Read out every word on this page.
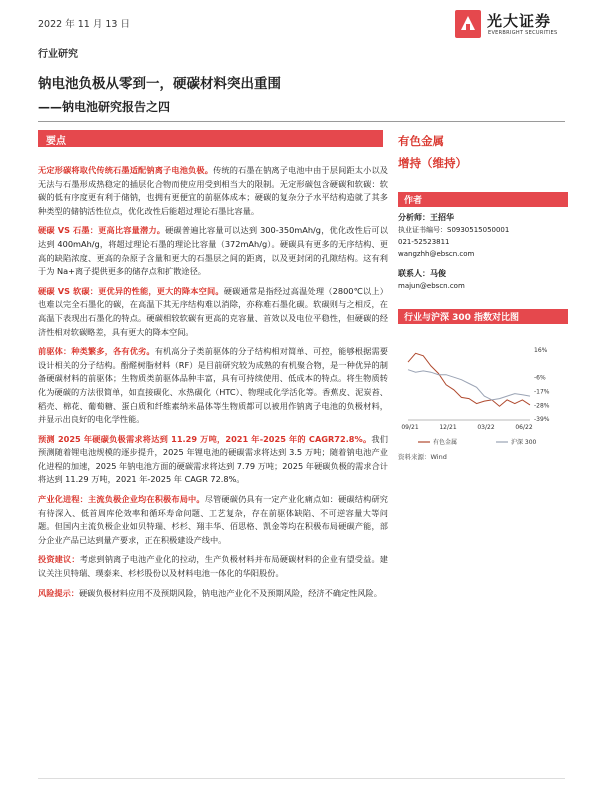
2022 年 11 月 13 日	光大证券
EVERBRIGHT SECURITIES
行业研究
钠电池负极从零到一，硬碳材料突出重围
——钠电池研究报告之四
要点

无定形碳将取代传统石墨适配钠离子电池负极。传统的石墨在钠离子电池中由于层间距太小以及无法与石墨形成热稳定的插层化合物而使应用受到相当大的限制。无定形碳包含硬碳和软碳：软碳的低有序度更有利于储钠，也拥有更便宜的前驱体成本；硬碳的复杂分子水平结构造就了其多种类型的储钠活性位点，优化改性后能超过理论石墨比容量。

硬碳 VS 石墨：更高比容量潜力。硬碳普遍比容量可以达到 300-350mAh/g，优化改性后可以达到 400mAh/g，将超过理论石墨的理论比容量（372mAh/g）。硬碳具有更多的无序结构、更高的缺陷浓度、更高的杂原子含量和更大的石墨层之间的距离，以及更封闭的孔隙结构。这有利于为 Na+离子提供更多的储存点和扩散途径。

硬碳 VS 软碳：更优异的性能，更大的降本空间。硬碳通常是指经过高温处理（2800℃以上）也难以完全石墨化的碳，在高温下其无序结构难以消除，亦称难石墨化碳。软碳则与之相反，在高温下表现出石墨化的特点。硬碳相较软碳有更高的克容量、首效以及电位平稳性，但硬碳的经济性相对软碳略差，具有更大的降本空间。

前驱体：种类繁多，各有优劣。有机高分子类前驱体的分子结构相对简单、可控，能够根据需要设计相关的分子结构。酚醛树脂材料（RF）是目前研究较为成熟的有机聚合物，是一种优异的制备硬碳材料的前驱体；生物质类前驱体品种丰富，具有可持续使用、低成本的特点。将生物质转化为硬碳的方法很简单，如直接碳化、水热碳化（HTC）、物理或化学活化等。香蕉皮、泥炭苔、稻壳、棉花、葡萄糖、蛋白质和纤维素纳米晶体等生物质都可以被用作钠离子电池的负极材料，并显示出良好的电化学性能。

预测 2025 年硬碳负极需求将达到 11.29 万吨，2021 年-2025 年的 CAGR72.8%。我们预测随着锂电池规模的逐步提升，2025 年锂电池的硬碳需求将达到 3.5 万吨；随着钠电池产业化进程的加速，2025 年钠电池方面的硬碳需求将达到 7.79 万吨；2025 年硬碳负极的需求合计将达到 11.29 万吨，2021 年-2025 年 CAGR 72.8%。

产业化进程：主流负极企业均在积极布局中。尽管硬碳仍具有一定产业化痛点如：硬碳结构研究有待深入、低首周库伦效率和循环寿命问题、工艺复杂，存在前驱体缺陷、不可逆容量大等问题。但国内主流负极企业如贝特瑞、杉杉、翔丰华、佰思格、凯金等均在积极布局硬碳产能，部分企业产品已达到量产要求，正在积极建设产线中。

投资建议：考虑到钠离子电池产业化的拉动，生产负极材料并布局硬碳材料的企业有望受益。建议关注贝特瑞、璞泰来、杉杉股份以及材料电池一体化的华阳股份。

风险提示：硬碳负极材料应用不及预期风险，钠电池产业化不及预期风险，经济不确定性风险。

有色金属
增持（维持）
作者
分析师：王招华
执业证书编号：S0930515050001
021-52523811
wangzhh@ebscn.com
联系人：马俊
majun@ebscn.com
行业与沪深 300 指数对比图
16%
-6%
-17%
-28%
-39%
09/21	12/21	03/22	06/22
有色金属	沪深 300
资料来源：Wind
